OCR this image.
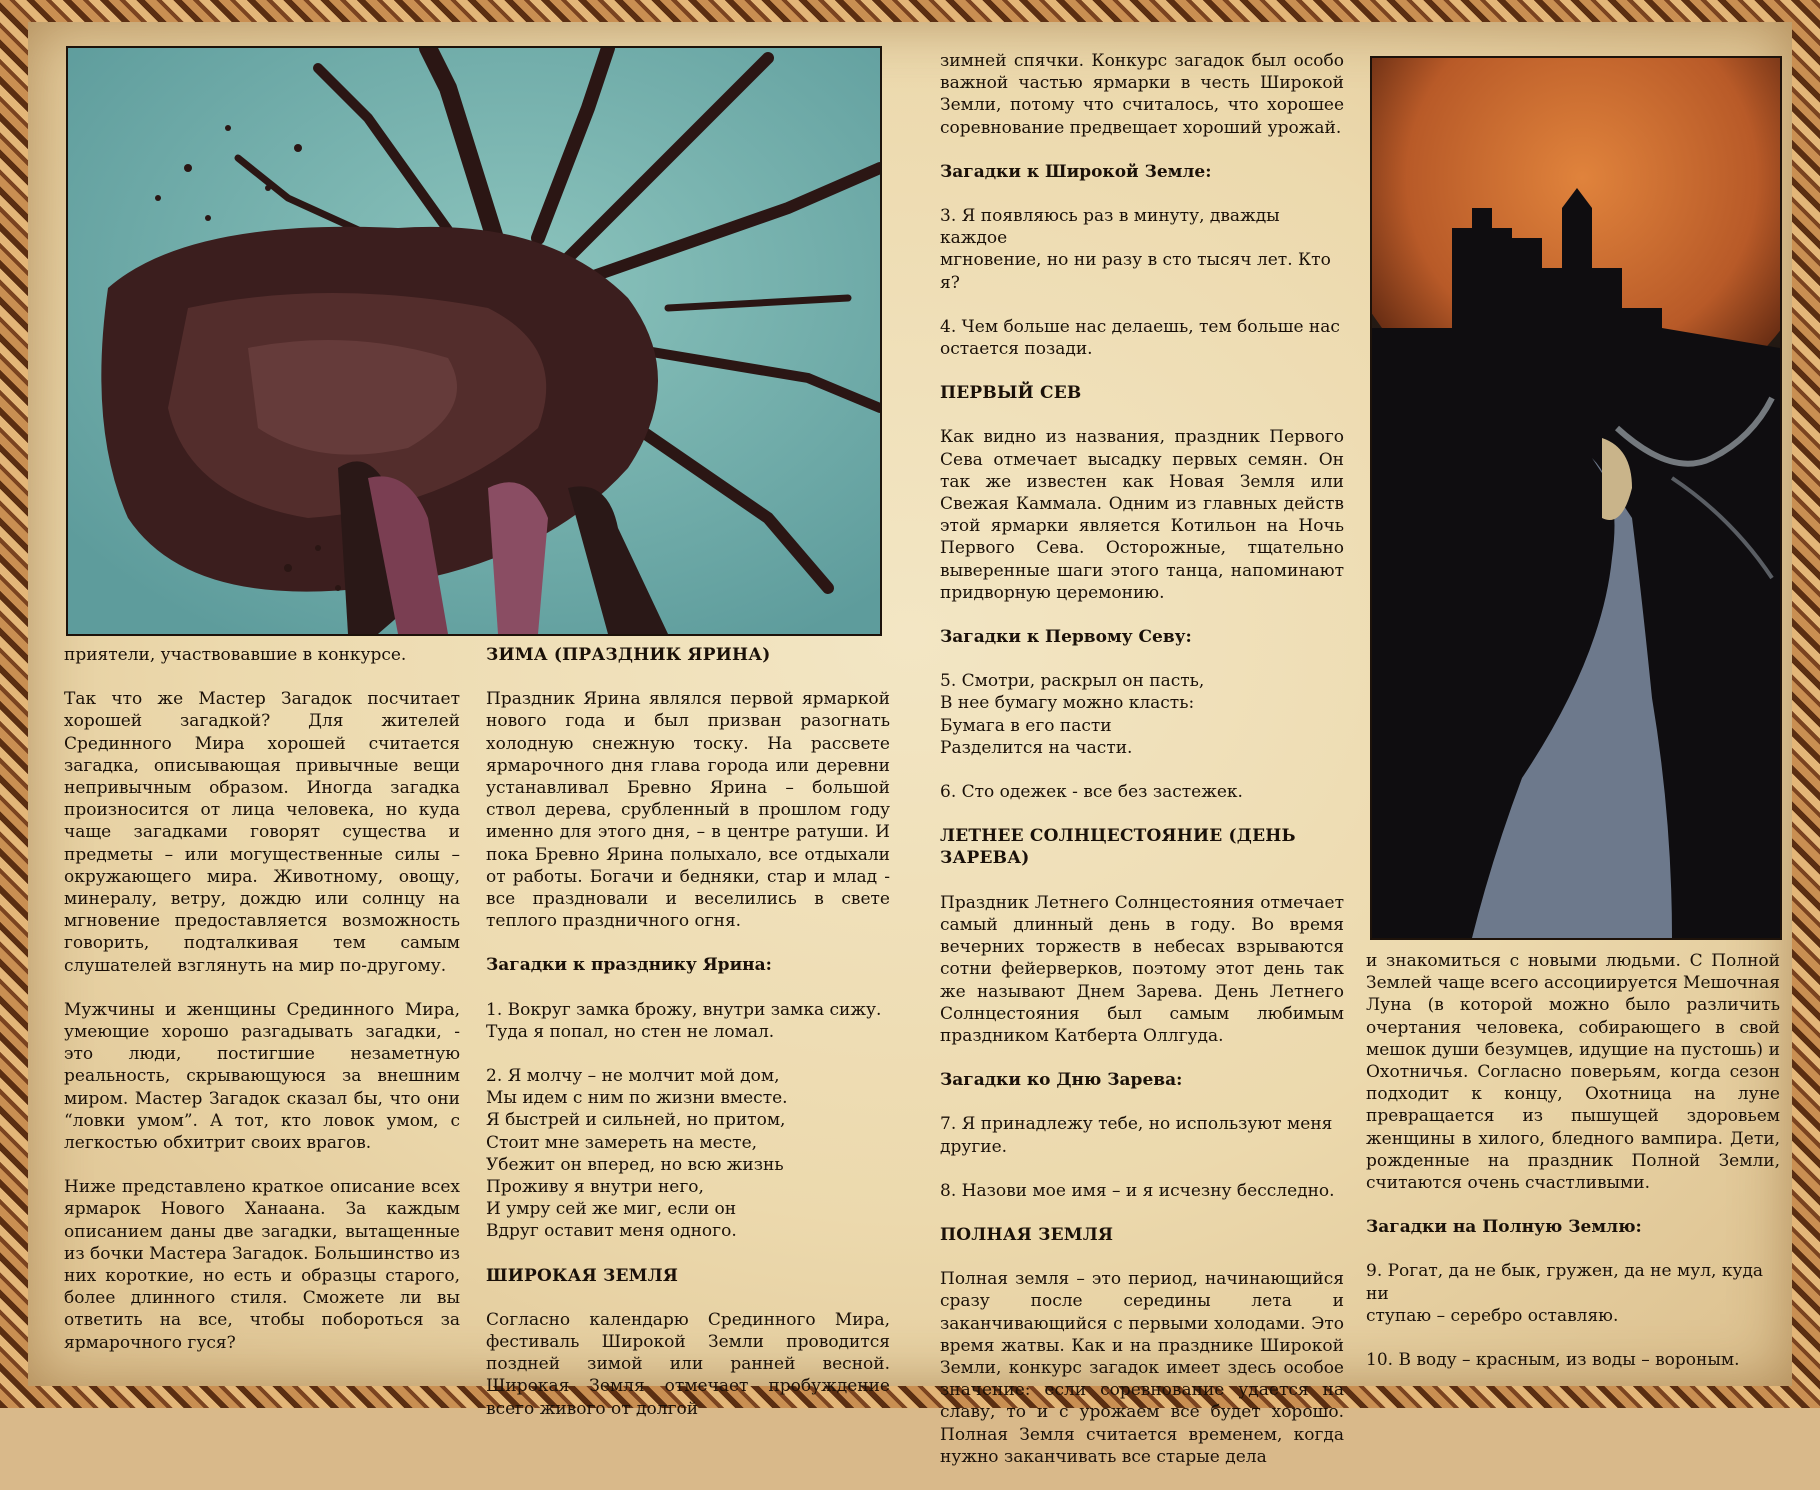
приятели, участвовавшие в конкурсе.

Так что же Мастер Загадок посчитает хорошей загадкой? Для жителей Срединного Мира хорошей считается загадка, описывающая привычные вещи непривычным образом. Иногда загадка произносится от лица человека, но куда чаще загадками говорят существа и предметы – или могущественные силы – окружающего мира. Животному, овощу, минералу, ветру, дождю или солнцу на мгновение предоставляется возможность говорить, подталкивая тем самым слушателей взглянуть на мир по-другому.

Мужчины и женщины Срединного Мира, умеющие хорошо разгадывать загадки, - это люди, постигшие незаметную реальность, скрывающуюся за внешним миром. Мастер Загадок сказал бы, что они “ловки умом”. А тот, кто ловок умом, с легкостью обхитрит своих врагов.

Ниже представлено краткое описание всех ярмарок Нового Ханаана. За каждым описанием даны две загадки, вытащенные из бочки Мастера Загадок. Большинство из них короткие, но есть и образцы старого, более длинного стиля. Сможете ли вы ответить на все, чтобы побороться за ярмарочного гуся?

ЗИМА (ПРАЗДНИК ЯРИНА)

Праздник Ярина являлся первой ярмаркой нового года и был призван разогнать холодную снежную тоску. На рассвете ярмарочного дня глава города или деревни устанавливал Бревно Ярина – большой ствол дерева, срубленный в прошлом году именно для этого дня, – в центре ратуши. И пока Бревно Ярина полыхало, все отдыхали от работы. Богачи и бедняки, стар и млад - все праздновали и веселились в свете теплого праздничного огня.

Загадки к празднику Ярина:
1. Вокруг замка брожу, внутри замка сижу.
Туда я попал, но стен не ломал.
2. Я молчу – не молчит мой дом,
Мы идем с ним по жизни вместе.
Я быстрей и сильней, но притом,
Стоит мне замереть на месте,
Убежит он вперед, но всю жизнь
Проживу я внутри него,
И умру сей же миг, если он
Вдруг оставит меня одного.
ШИРОКАЯ ЗЕМЛЯ

Согласно календарю Срединного Мира, фестиваль Широкой Земли проводится поздней зимой или ранней весной. Широкая Земля отмечает пробуждение всего живого от долгой

зимней спячки. Конкурс загадок был особо важной частью ярмарки в честь Широкой Земли, потому что считалось, что хорошее соревнование предвещает хороший урожай.

Загадки к Широкой Земле:
3. Я появляюсь раз в минуту, дважды каждое
мгновение, но ни разу в сто тысяч лет. Кто я?
4. Чем больше нас делаешь, тем больше нас
остается позади.
ПЕРВЫЙ СЕВ

Как видно из названия, праздник Первого Сева отмечает высадку первых семян. Он так же известен как Новая Земля или Свежая Каммала. Одним из главных действ этой ярмарки является Котильон на Ночь Первого Сева. Осторожные, тщательно выверенные шаги этого танца, напоминают придворную церемонию.

Загадки к Первому Севу:
5. Смотри, раскрыл он пасть,
В нее бумагу можно класть:
Бумага в его пасти
Разделится на части.
6. Сто одежек - все без застежек.
ЛЕТНЕЕ СОЛНЦЕСТОЯНИЕ (ДЕНЬ ЗАРЕВА)

Праздник Летнего Солнцестояния отмечает самый длинный день в году. Во время вечерних торжеств в небесах взрываются сотни фейерверков, поэтому этот день так же называют Днем Зарева. День Летнего Солнцестояния был самым любимым праздником Катберта Оллгуда.

Загадки ко Дню Зарева:
7. Я принадлежу тебе, но используют меня
другие.
8. Назови мое имя – и я исчезну бесследно.
ПОЛНАЯ ЗЕМЛЯ

Полная земля – это период, начинающийся сразу после середины лета и заканчивающийся с первыми холодами. Это время жатвы. Как и на празднике Широкой Земли, конкурс загадок имеет здесь особое значение: если соревнование удается на славу, то и с урожаем все будет хорошо. Полная Земля считается временем, когда нужно заканчивать все старые дела

и знакомиться с новыми людьми. С Полной Землей чаще всего ассоциируется Мешочная Луна (в которой можно было различить очертания человека, собирающего в свой мешок души безумцев, идущие на пустошь) и Охотничья. Согласно поверьям, когда сезон подходит к концу, Охотница на луне превращается из пышущей здоровьем женщины в хилого, бледного вампира. Дети, рожденные на праздник Полной Земли, считаются очень счастливыми.

Загадки на Полную Землю:
9. Рогат, да не бык, гружен, да не мул, куда ни
ступаю – серебро оставляю.
10. В воду – красным, из воды – вороным.
